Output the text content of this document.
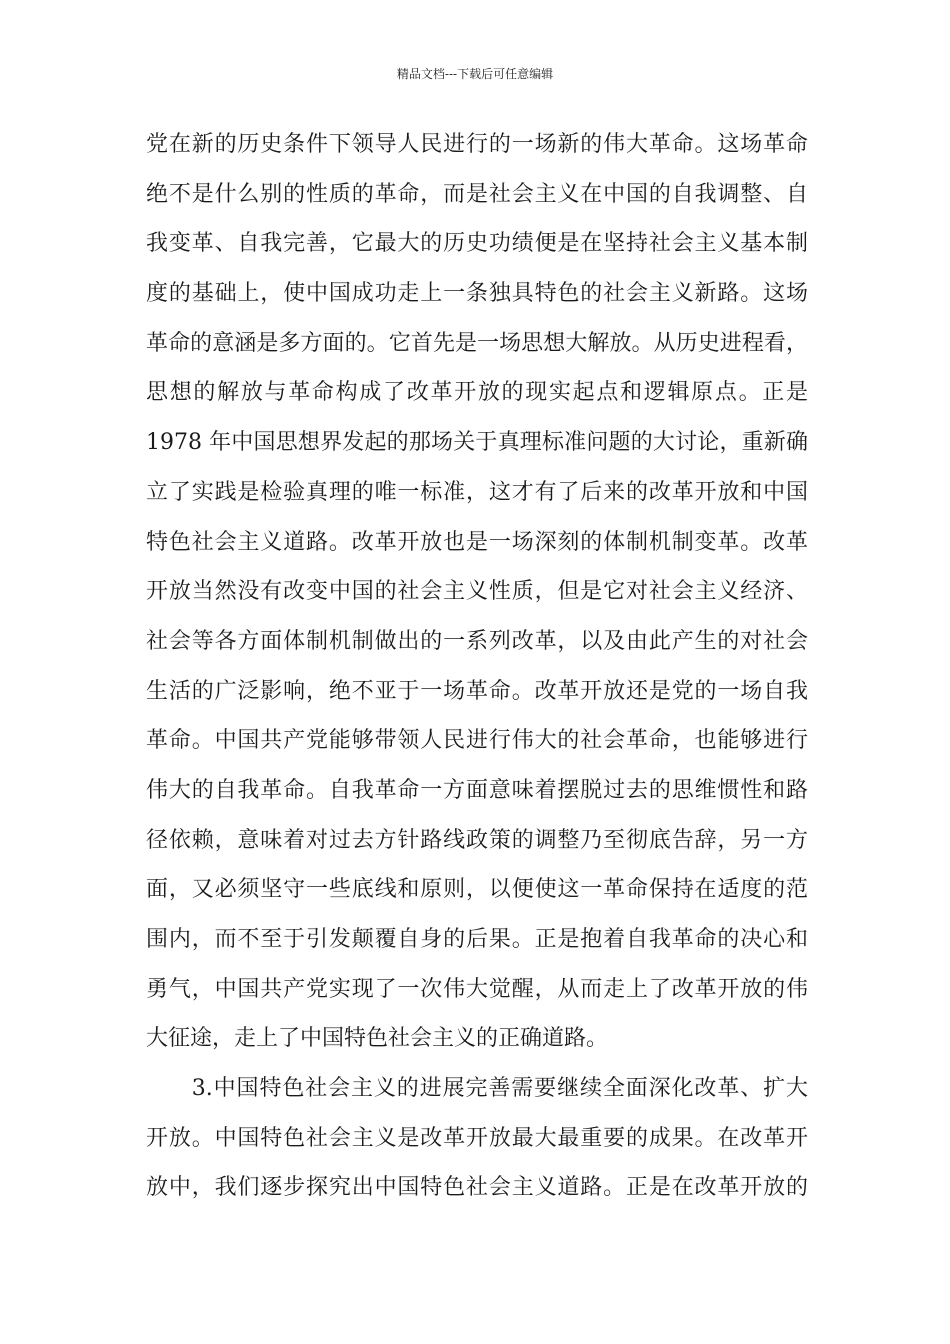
精品文档---下载后可任意编辑
党在新的历史条件下领导人民进行的一场新的伟大革命。这场革命
绝不是什么别的性质的革命，而是社会主义在中国的自我调整、自
我变革、自我完善，它最大的历史功绩便是在坚持社会主义基本制
度的基础上，使中国成功走上一条独具特色的社会主义新路。这场
革命的意涵是多方面的。它首先是一场思想大解放。从历史进程看，
思想的解放与革命构成了改革开放的现实起点和逻辑原点。正是
1978 年中国思想界发起的那场关于真理标准问题的大讨论，重新确
立了实践是检验真理的唯一标准，这才有了后来的改革开放和中国
特色社会主义道路。改革开放也是一场深刻的体制机制变革。改革
开放当然没有改变中国的社会主义性质，但是它对社会主义经济、
社会等各方面体制机制做出的一系列改革，以及由此产生的对社会
生活的广泛影响，绝不亚于一场革命。改革开放还是党的一场自我
革命。中国共产党能够带领人民进行伟大的社会革命，也能够进行
伟大的自我革命。自我革命一方面意味着摆脱过去的思维惯性和路
径依赖，意味着对过去方针路线政策的调整乃至彻底告辞，另一方
面，又必须坚守一些底线和原则，以便使这一革命保持在适度的范
围内，而不至于引发颠覆自身的后果。正是抱着自我革命的决心和
勇气，中国共产党实现了一次伟大觉醒，从而走上了改革开放的伟
大征途，走上了中国特色社会主义的正确道路。
　　3.中国特色社会主义的进展完善需要继续全面深化改革、扩大
开放。中国特色社会主义是改革开放最大最重要的成果。在改革开
放中，我们逐步探究出中国特色社会主义道路。正是在改革开放的
